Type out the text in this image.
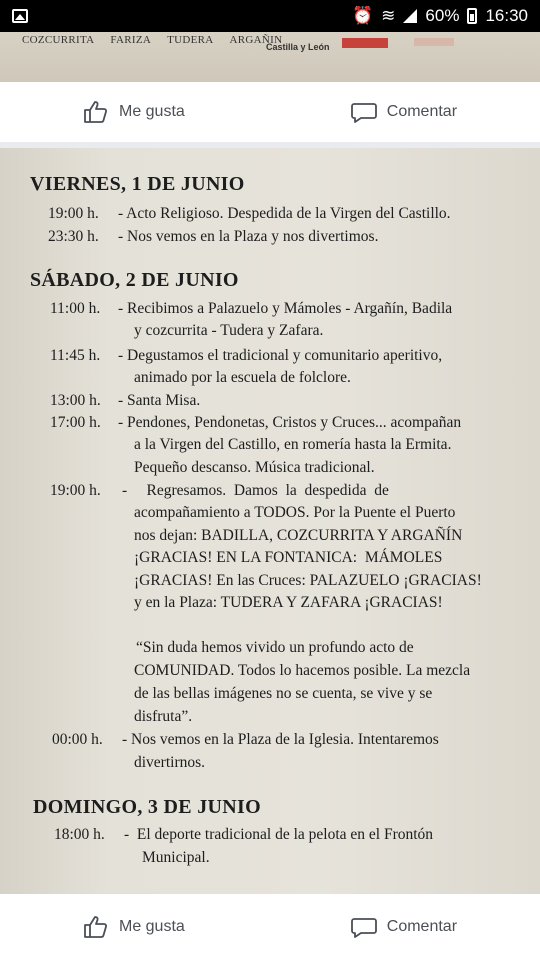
⏰ ≋ 60% 16:30
COZCURRITA FARIZA TUDERA ARGAÑIN
Castilla y León
Me gusta	Comentar
VIERNES, 1 DE JUNIO
19:00 h. - Acto Religioso. Despedida de la Virgen del Castillo.
23:30 h. - Nos vemos en la Plaza y nos divertimos.
SÁBADO, 2 DE JUNIO
11:00 h. - Recibimos a Palazuelo y Mámoles - Argañín, Badila
y cozcurrita - Tudera y Zafara.
11:45 h. - Degustamos el tradicional y comunitario aperitivo,
animado por la escuela de folclore.
13:00 h. - Santa Misa.
17:00 h. - Pendones, Pendonetas, Cristos y Cruces... acompañan
a la Virgen del Castillo, en romería hasta la Ermita.
Pequeño descanso. Música tradicional.
19:00 h. -     Regresamos.  Damos  la  despedida  de
acompañamiento a TODOS. Por la Puente el Puerto
nos dejan: BADILLA, COZCURRITA Y ARGAÑÍN
¡GRACIAS! EN LA FONTANICA:  MÁMOLES
¡GRACIAS! En las Cruces: PALAZUELO ¡GRACIAS!
y en la Plaza: TUDERA Y ZAFARA ¡GRACIAS!
“Sin duda hemos vivido un profundo acto de
COMUNIDAD. Todos lo hacemos posible. La mezcla
de las bellas imágenes no se cuenta, se vive y se
disfruta”.
00:00 h. - Nos vemos en la Plaza de la Iglesia. Intentaremos
divertirnos.
DOMINGO, 3 DE JUNIO
18:00 h. -  El deporte tradicional de la pelota en el Frontón
Municipal.
Me gusta	Comentar
